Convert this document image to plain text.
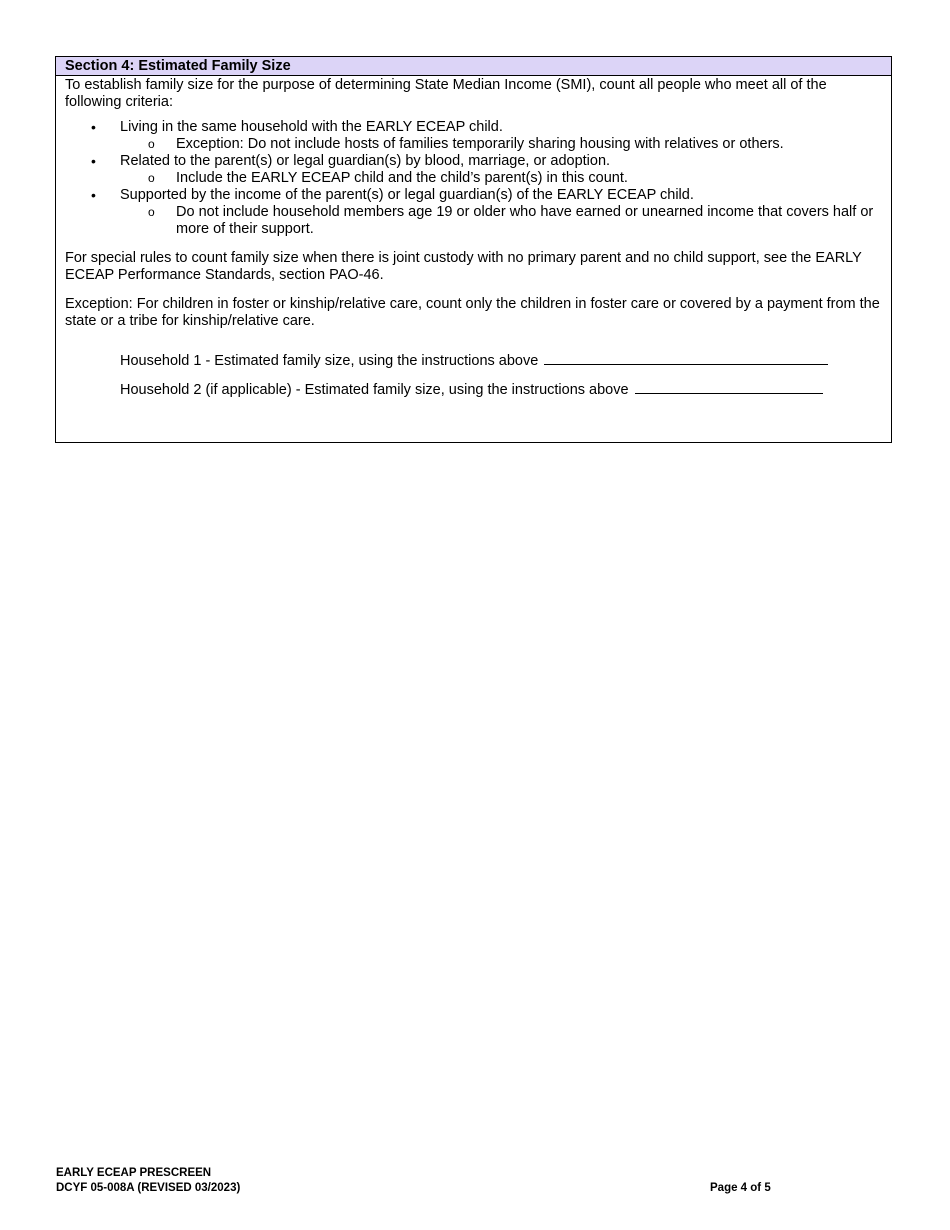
Section 4: Estimated Family Size

To establish family size for the purpose of determining State Median Income (SMI), count all people who meet all of the following criteria:

• Living in the same household with the EARLY ECEAP child.
o Exception: Do not include hosts of families temporarily sharing housing with relatives or others.
• Related to the parent(s) or legal guardian(s) by blood, marriage, or adoption.
o Include the EARLY ECEAP child and the child’s parent(s) in this count.
• Supported by the income of the parent(s) or legal guardian(s) of the EARLY ECEAP child.
o Do not include household members age 19 or older who have earned or unearned income that covers half or more of their support.

For special rules to count family size when there is joint custody with no primary parent and no child support, see the EARLY ECEAP Performance Standards, section PAO-46.

Exception: For children in foster or kinship/relative care, count only the children in foster care or covered by a payment from the state or a tribe for kinship/relative care.

Household 1 - Estimated family size, using the instructions above
Household 2 (if applicable) - Estimated family size, using the instructions above
EARLY ECEAP PRESCREEN
DCYF 05-008A (REVISED 03/2023)	Page 4 of 5
